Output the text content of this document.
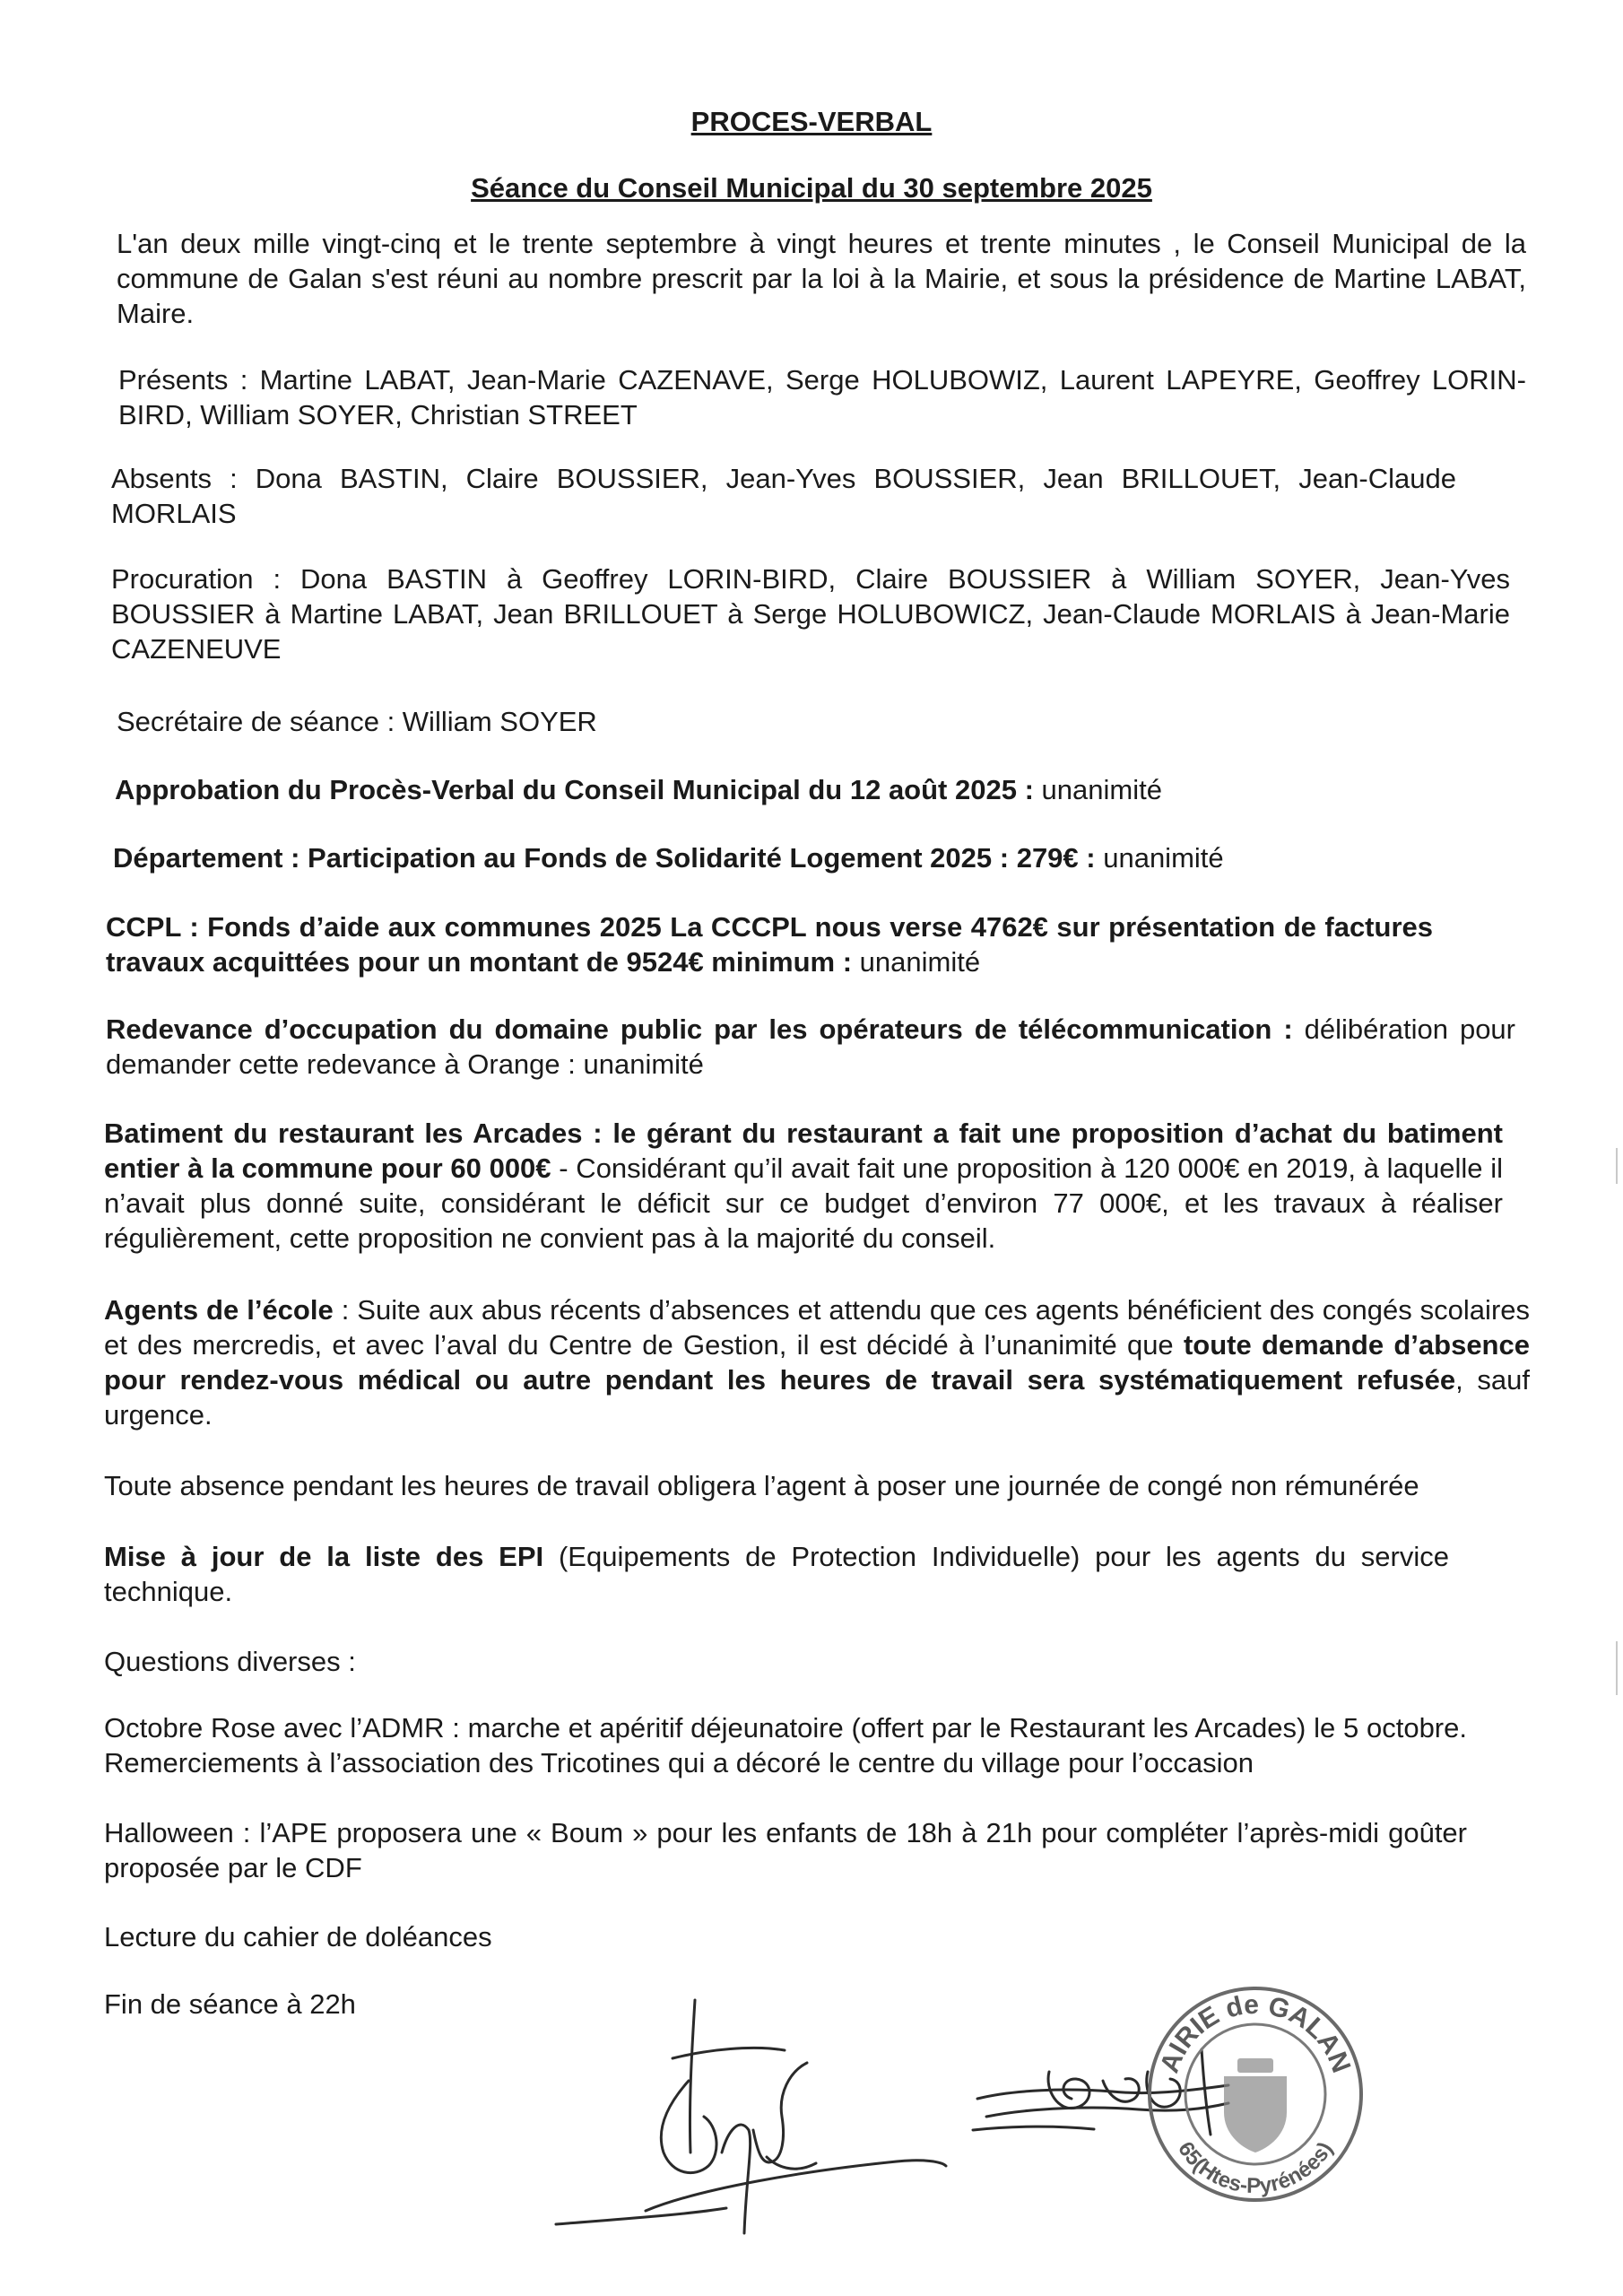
PROCES-VERBAL
Séance du Conseil Municipal du 30 septembre 2025
L'an deux mille vingt-cinq et le trente septembre à vingt heures et trente minutes , le Conseil Municipal de la commune de Galan s'est réuni au nombre prescrit par la loi à la Mairie, et sous la présidence de Martine LABAT, Maire.
Présents : Martine LABAT, Jean-Marie CAZENAVE, Serge HOLUBOWIZ, Laurent LAPEYRE, Geoffrey LORIN-BIRD, William SOYER, Christian STREET
Absents : Dona BASTIN, Claire BOUSSIER, Jean-Yves BOUSSIER, Jean BRILLOUET, Jean-Claude MORLAIS
Procuration : Dona BASTIN à Geoffrey LORIN-BIRD, Claire BOUSSIER à William SOYER, Jean-Yves BOUSSIER à Martine LABAT, Jean BRILLOUET à Serge HOLUBOWICZ, Jean-Claude MORLAIS à Jean-Marie CAZENEUVE
Secrétaire de séance : William SOYER
Approbation du Procès-Verbal du Conseil Municipal du 12 août 2025 : unanimité
Département : Participation au Fonds de Solidarité Logement 2025 : 279€ : unanimité
CCPL : Fonds d’aide aux communes 2025 La CCCPL nous verse 4762€ sur présentation de factures travaux acquittées pour un montant de 9524€ minimum : unanimité
Redevance d’occupation du domaine public par les opérateurs de télécommunication : délibération pour demander cette redevance à Orange : unanimité
Batiment du restaurant les Arcades : le gérant du restaurant a fait une proposition d’achat du batiment entier à la commune pour 60 000€ - Considérant qu’il avait fait une proposition à 120 000€ en 2019, à laquelle il n’avait plus donné suite, considérant le déficit sur ce budget d’environ 77 000€, et les travaux à réaliser régulièrement, cette proposition ne convient pas à la majorité du conseil.
Agents de l’école : Suite aux abus récents d’absences et attendu que ces agents bénéficient des congés scolaires et des mercredis, et avec l’aval du Centre de Gestion, il est décidé à l’unanimité que toute demande d’absence pour rendez-vous médical ou autre pendant les heures de travail sera systématiquement refusée, sauf urgence.
Toute absence pendant les heures de travail obligera l’agent à poser une journée de congé non rémunérée
Mise à jour de la liste des EPI (Equipements de Protection Individuelle) pour les agents du service technique.
Questions diverses :
Octobre Rose avec l’ADMR : marche et apéritif déjeunatoire (offert par le Restaurant les Arcades) le 5 octobre. Remerciements à l’association des Tricotines qui a décoré le centre du village pour l’occasion
Halloween : l’APE proposera une « Boum » pour les enfants de 18h à 21h pour compléter l’après-midi goûter proposée par le CDF
Lecture du cahier de doléances
Fin de séance à 22h
AIRIE de GALAN
65(Htes-Pyrénées)
